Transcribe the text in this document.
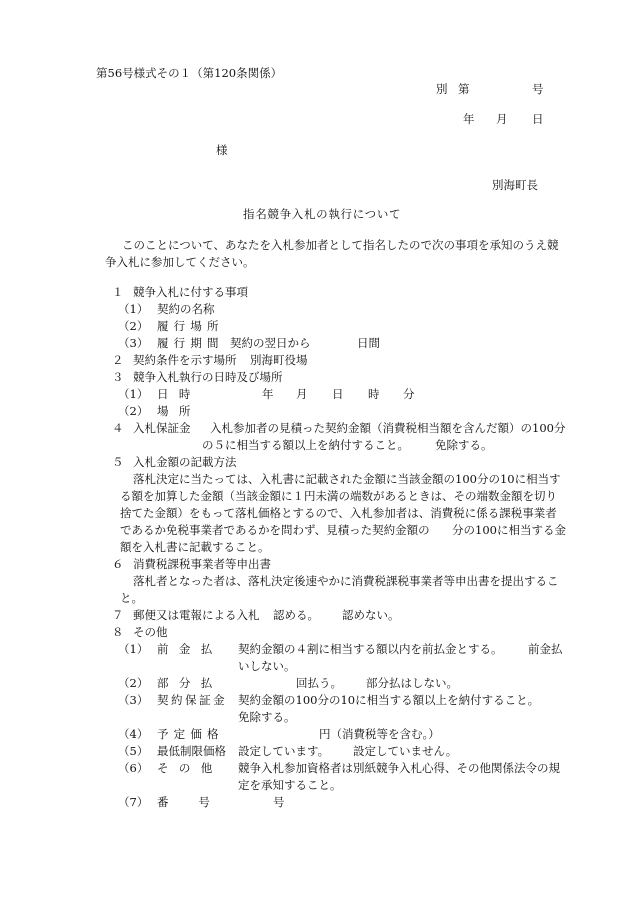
第56号様式その１（第120条関係）
別 第	号
年 月 日
様
別海町長
指名競争入札の執行について
このことについて、あなたを入札参加者として指名したので次の事項を承知のうえ競
争入札に参加してください。
１ 競争入札に付する事項
（1） 契約の名称
（2） 履行場所
（3） 履行期間 契約の翌日から	日間
２ 契約条件を示す場所 別海町役場
３ 競争入札執行の日時及び場所
（1） 日時	年 月 日 時 分
（2） 場所
４ 入札保証金 入札参加者の見積った契約金額（消費税相当額を含んだ額）の100分
の５に相当する額以上を納付すること。 免除する。
５ 入札金額の記載方法
落札決定に当たっては、入札書に記載された金額に当該金額の100分の10に相当す
る額を加算した金額（当該金額に１円未満の端数があるときは、その端数金額を切り
捨てた金額）をもって落札価格とするので、入札参加者は、消費税に係る課税事業者
であるか免税事業者であるかを問わず、見積った契約金額の 分の100に相当する金
額を入札書に記載すること。
６ 消費税課税事業者等申出書
落札者となった者は、落札決定後速やかに消費税課税事業者等申出書を提出するこ
と。
７ 郵便又は電報による入札 認める。 認めない。
８ その他
（1） 前金払 契約金額の４割に相当する額以内を前払金とする。 前金払
いしない。
（2） 部分払	回払う。 部分払はしない。
（3） 契約保証金 契約金額の100分の10に相当する額以上を納付すること。
免除する。
（4） 予定価格	円（消費税等を含む。）
（5） 最低制限価格 設定しています。 設定していません。
（6） その他 競争入札参加資格者は別紙競争入札心得、その他関係法令の規
定を承知すること。
（7） 番号	号
